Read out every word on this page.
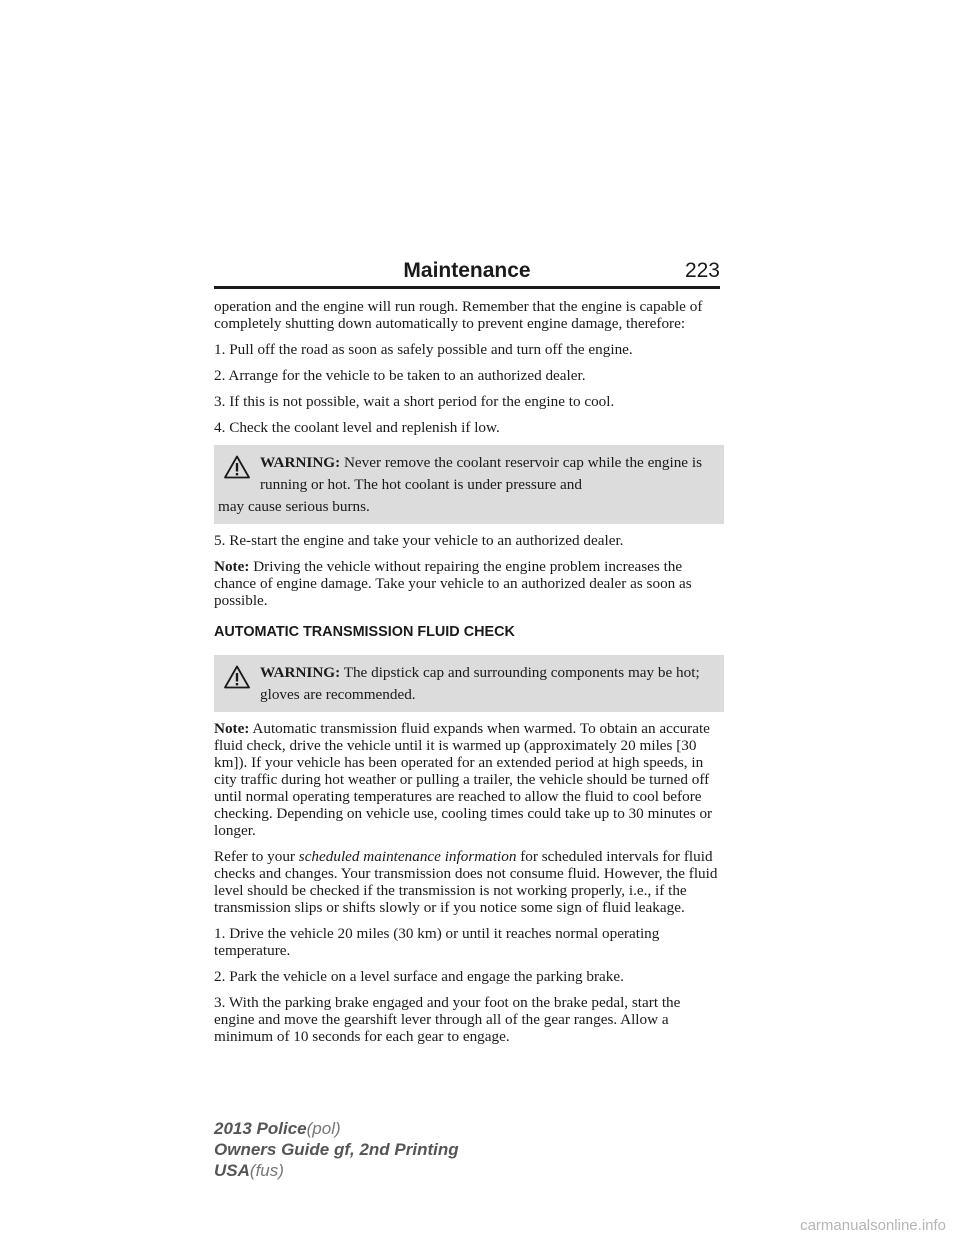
Maintenance	223

operation and the engine will run rough. Remember that the engine is capable of completely shutting down automatically to prevent engine damage, therefore:

1. Pull off the road as soon as safely possible and turn off the engine.

2. Arrange for the vehicle to be taken to an authorized dealer.

3. If this is not possible, wait a short period for the engine to cool.

4. Check the coolant level and replenish if low.

WARNING: Never remove the coolant reservoir cap while the engine is running or hot. The hot coolant is under pressure and
may cause serious burns.

5. Re-start the engine and take your vehicle to an authorized dealer.

Note: Driving the vehicle without repairing the engine problem increases the chance of engine damage. Take your vehicle to an authorized dealer as soon as possible.

AUTOMATIC TRANSMISSION FLUID CHECK
WARNING: The dipstick cap and surrounding components may be hot; gloves are recommended.

Note: Automatic transmission fluid expands when warmed. To obtain an accurate fluid check, drive the vehicle until it is warmed up (approximately 20 miles [30 km]). If your vehicle has been operated for an extended period at high speeds, in city traffic during hot weather or pulling a trailer, the vehicle should be turned off until normal operating temperatures are reached to allow the fluid to cool before checking. Depending on vehicle use, cooling times could take up to 30 minutes or longer.

Refer to your scheduled maintenance information for scheduled intervals for fluid checks and changes. Your transmission does not consume fluid. However, the fluid level should be checked if the transmission is not working properly, i.e., if the transmission slips or shifts slowly or if you notice some sign of fluid leakage.

1. Drive the vehicle 20 miles (30 km) or until it reaches normal operating temperature.

2. Park the vehicle on a level surface and engage the parking brake.

3. With the parking brake engaged and your foot on the brake pedal, start the engine and move the gearshift lever through all of the gear ranges. Allow a minimum of 10 seconds for each gear to engage.

2013 Police(pol)
Owners Guide gf, 2nd Printing
USA(fus)
carmanualsonline.info
